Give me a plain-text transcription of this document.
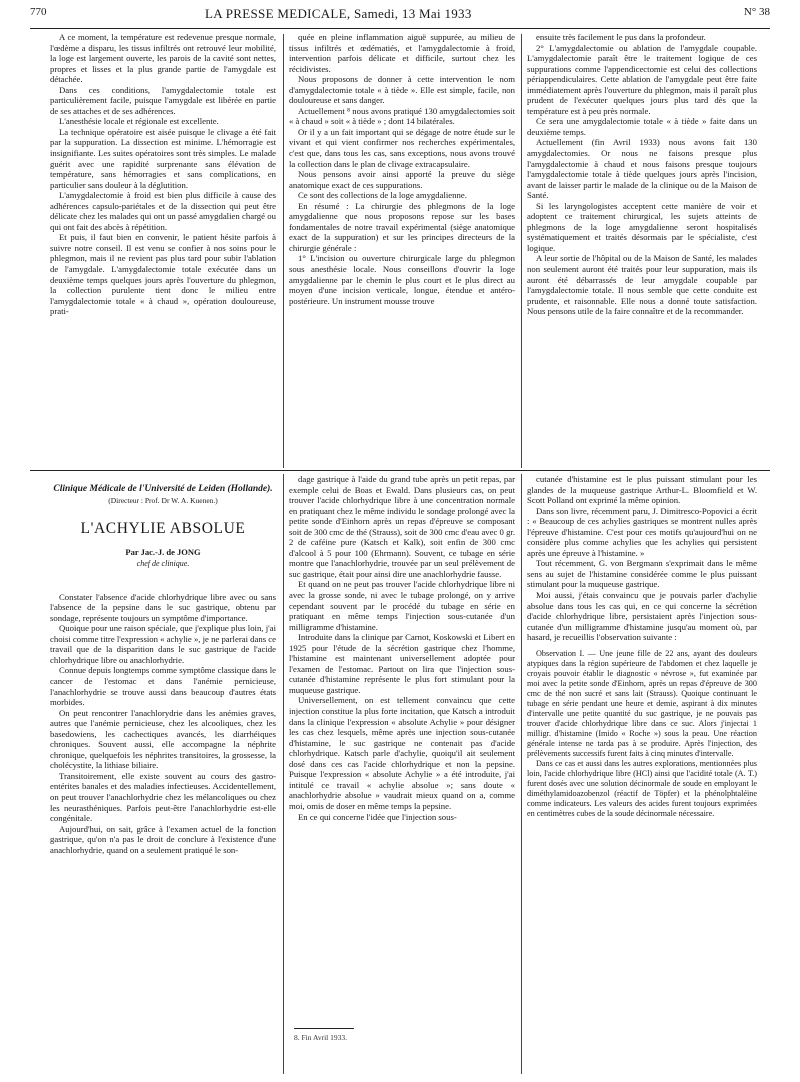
770	LA PRESSE MEDICALE, Samedi, 13 Mai 1933	N° 38

A ce moment, la température est redevenue presque normale, l'œdème a disparu, les tissus infiltrés ont retrouvé leur mobilité, la loge est largement ouverte, les parois de la cavité sont nettes, propres et lisses et la plus grande partie de l'amygdale est détachée.

Dans ces conditions, l'amygdalectomie totale est particulièrement facile, puisque l'amygdale est libérée en partie de ses attaches et de ses adhérences.

L'anesthésie locale et régionale est excellente.

La technique opératoire est aisée puisque le clivage a été fait par la suppuration. La dissection est minime. L'hémorragie est insignifiante. Les suites opératoires sont très simples. Le malade guérit avec une rapidité surprenante sans élévation de température, sans hémorragies et sans complications, en particulier sans douleur à la déglutition.

L'amygdalectomie à froid est bien plus difficile à cause des adhérences capsulo-pariétales et de la dissection qui peut être délicate chez les malades qui ont un passé amygdalien chargé ou qui ont fait des abcès à répétition.

Et puis, il faut bien en convenir, le patient hésite parfois à suivre notre conseil. Il est venu se confier à nos soins pour le phlegmon, mais il ne revient pas plus tard pour subir l'ablation de l'amygdale. L'amygdalectomie totale exécutée dans un deuxième temps quelques jours après l'ouverture du phlegmon, la collection purulente tient donc le milieu entre l'amygdalectomie totale « à chaud », opération douloureuse, prati-

quée en pleine inflammation aiguë suppurée, au milieu de tissus infiltrés et œdématiés, et l'amygdalectomie à froid, intervention parfois délicate et difficile, surtout chez les récidivistes.

Nous proposons de donner à cette intervention le nom d'amygdalectomie totale « à tiède ». Elle est simple, facile, non douloureuse et sans danger.

Actuellement ⁸ nous avons pratiqué 130 amygdalectomies soit « à chaud » soit « à tiède » ; dont 14 bilatérales.

Or il y a un fait important qui se dégage de notre étude sur le vivant et qui vient confirmer nos recherches expérimentales, c'est que, dans tous les cas, sans exceptions, nous avons trouvé la collection dans le plan de clivage extracapsulaire.

Nous pensons avoir ainsi apporté la preuve du siège anatomique exact de ces suppurations.

Ce sont des collections de la loge amygdalienne.

En résumé : La chirurgie des phlegmons de la loge amygdalienne que nous proposons repose sur les bases fondamentales de notre travail expérimental (siège anatomique exact de la suppuration) et sur les principes directeurs de la chirurgie générale :

1° L'incision ou ouverture chirurgicale large du phlegmon sous anesthésie locale. Nous conseillons d'ouvrir la loge amygdalienne par le chemin le plus court et le plus direct au moyen d'une incision verticale, longue, étendue et antéro-postérieure. Un instrument mousse trouve

ensuite très facilement le pus dans la profondeur.

2° L'amygdalectomie ou ablation de l'amygdale coupable. L'amygdalectomie paraît être le traitement logique de ces suppurations comme l'appendicectomie est celui des collections périappendiculaires. Cette ablation de l'amygdale peut être faite immédiatement après l'ouverture du phlegmon, mais il paraît plus prudent de l'exécuter quelques jours plus tard dès que la température est à peu près normale.

Ce sera une amygdalectomie totale « à tiède » faite dans un deuxième temps.

Actuellement (fin Avril 1933) nous avons fait 130 amygdalectomies. Or nous ne faisons presque plus l'amygdalectomie à chaud et nous faisons presque toujours l'amygdalectomie totale à tiède quelques jours après l'incision, avant de laisser partir le malade de la clinique ou de la Maison de Santé.

Si les laryngologistes acceptent cette manière de voir et adoptent ce traitement chirurgical, les sujets atteints de phlegmons de la loge amygdalienne seront hospitalisés systématiquement et traités désormais par le spécialiste, c'est logique.

A leur sortie de l'hôpital ou de la Maison de Santé, les malades non seulement auront été traités pour leur suppuration, mais ils auront été débarrassés de leur amygdale coupable par l'amygdalectomie totale. Il nous semble que cette conduite est prudente, et raisonnable. Elle nous a donné toute satisfaction. Nous pensons utile de la faire connaître et de la recommander.

Clinique Médicale de l'Université de Leiden (Hollande).
(Directeur : Prof. Dr W. A. Kuenen.)
L'ACHYLIE ABSOLUE
Par Jac.-J. de JONG
chef de clinique.

Constater l'absence d'acide chlorhydrique libre avec ou sans l'absence de la pepsine dans le suc gastrique, obtenu par sondage, représente toujours un symptôme d'importance.

Quoique pour une raison spéciale, que j'explique plus loin, j'ai choisi comme titre l'expression « achylie », je ne parlerai dans ce travail que de la disparition dans le suc gastrique de l'acide chlorhydrique libre ou anachlorhydrie.

Connue depuis longtemps comme symptôme classique dans le cancer de l'estomac et dans l'anémie pernicieuse, l'anachlorhydrie se trouve aussi dans beaucoup d'autres états morbides.

On peut rencontrer l'anachlorydrie dans les anémies graves, autres que l'anémie pernicieuse, chez les alcooliques, chez les basedowiens, les cachectiques avancés, les diarrhéiques chroniques. Souvent aussi, elle accompagne la néphrite chronique, quelquefois les néphrites transitoires, la grossesse, la cholécystite, la lithiase biliaire.

Transitoirement, elle existe souvent au cours des gastro-entérites banales et des maladies infectieuses. Accidentellement, on peut trouver l'anachlorhydrie chez les mélancoliques ou chez les neurasthéniques. Parfois peut-être l'anachlorhydrie est-elle congénitale.

Aujourd'hui, on sait, grâce à l'examen actuel de la fonction gastrique, qu'on n'a pas le droit de conclure à l'existence d'une anachlorhydrie, quand on a seulement pratiqué le son-

dage gastrique à l'aide du grand tube après un petit repas, par exemple celui de Boas et Ewald. Dans plusieurs cas, on peut trouver l'acide chlorhydrique libre à une concentration normale en pratiquant chez le même individu le sondage prolongé avec la petite sonde d'Einhorn après un repas d'épreuve se composant soit de 300 cmc de thé (Strauss), soit de 300 cmc d'eau avec 0 gr. 2 de caféine pure (Katsch et Kalk), soit enfin de 300 cmc d'alcool à 5 pour 100 (Ehrmann). Souvent, ce tubage en série montre que l'anachlorhydrie, trouvée par un seul prélèvement de suc gastrique, était pour ainsi dire une anachlorhydrie fausse.

Et quand on ne peut pas trouver l'acide chlorhydrique libre ni avec la grosse sonde, ni avec le tubage prolongé, on y arrive cependant souvent par le procédé du tubage en série en pratiquant en même temps l'injection sous-cutanée d'un milligramme d'histamine.

Introduite dans la clinique par Carnot, Koskowski et Libert en 1925 pour l'étude de la sécrétion gastrique chez l'homme, l'histamine est maintenant universellement adoptée pour l'examen de l'estomac. Partout on lira que l'injection sous-cutanée d'histamine représente le plus fort stimulant pour la muqueuse gastrique.

Universellement, on est tellement convaincu que cette injection constitue la plus forte incitation, que Katsch a introduit dans la clinique l'expression « absolute Achylie » pour désigner les cas chez lesquels, même après une injection sous-cutanée d'histamine, le suc gastrique ne contenait pas d'acide chlorhydrique. Katsch parle d'achylie, quoiqu'il ait seulement dosé dans ces cas l'acide chlorhydrique et non la pepsine. Puisque l'expression « absolute Achylie » a été introduite, j'ai intitulé ce travail « achylie absolue »; sans doute « anachlorhydrie absolue » vaudrait mieux quand on a, comme moi, omis de doser en même temps la pepsine.

En ce qui concerne l'idée que l'injection sous-

8. Fin Avril 1933.

cutanée d'histamine est le plus puissant stimulant pour les glandes de la muqueuse gastrique Arthur-L. Bloomfield et W. Scott Polland ont exprimé la même opinion.

Dans son livre, récemment paru, J. Dimitresco-Popovici a écrit : « Beaucoup de ces achylies gastriques se montrent nulles après l'épreuve d'histamine. C'est pour ces motifs qu'aujourd'hui on ne considère plus comme achylies que les achylies qui persistent après une épreuve à l'histamine. »

Tout récemment, G. von Bergmann s'exprimait dans le même sens au sujet de l'histamine considérée comme le plus puissant stimulant pour la muqueuse gastrique.

Moi aussi, j'étais convaincu que je pouvais parler d'achylie absolue dans tous les cas qui, en ce qui concerne la sécrétion d'acide chlorhydrique libre, persistaient après l'injection sous-cutanée d'un milligramme d'histamine jusqu'au moment où, par hasard, je recueillis l'observation suivante :

Observation I. — Une jeune fille de 22 ans, ayant des douleurs atypiques dans la région supérieure de l'abdomen et chez laquelle je croyais pouvoir établir le diagnostic « névrose », fut examinée par moi avec la petite sonde d'Einhorn, après un repas d'épreuve de 300 cmc de thé non sucré et sans lait (Strauss). Quoique continuant le tubage en série pendant une heure et demie, aspirant à dix minutes d'intervalle une petite quantité du suc gastrique, je ne pouvais pas trouver d'acide chlorhydrique libre dans ce suc. Alors j'injectai 1 milligr. d'histamine (Imido « Roche ») sous la peau. Une réaction générale intense ne tarda pas à se produire. Après l'injection, des prélèvements successifs furent faits à cinq minutes d'intervalle.

Dans ce cas et aussi dans les autres explorations, mentionnées plus loin, l'acide chlorhydrique libre (HCl) ainsi que l'acidité totale (A. T.) furent dosés avec une solution décinormale de soude en employant le diméthylamidoazobenzol (réactif de Töpfer) et la phénolphtaléine comme indicateurs. Les valeurs des acides furent toujours exprimées en centimètres cubes de la soude décinormale nécessaire.
